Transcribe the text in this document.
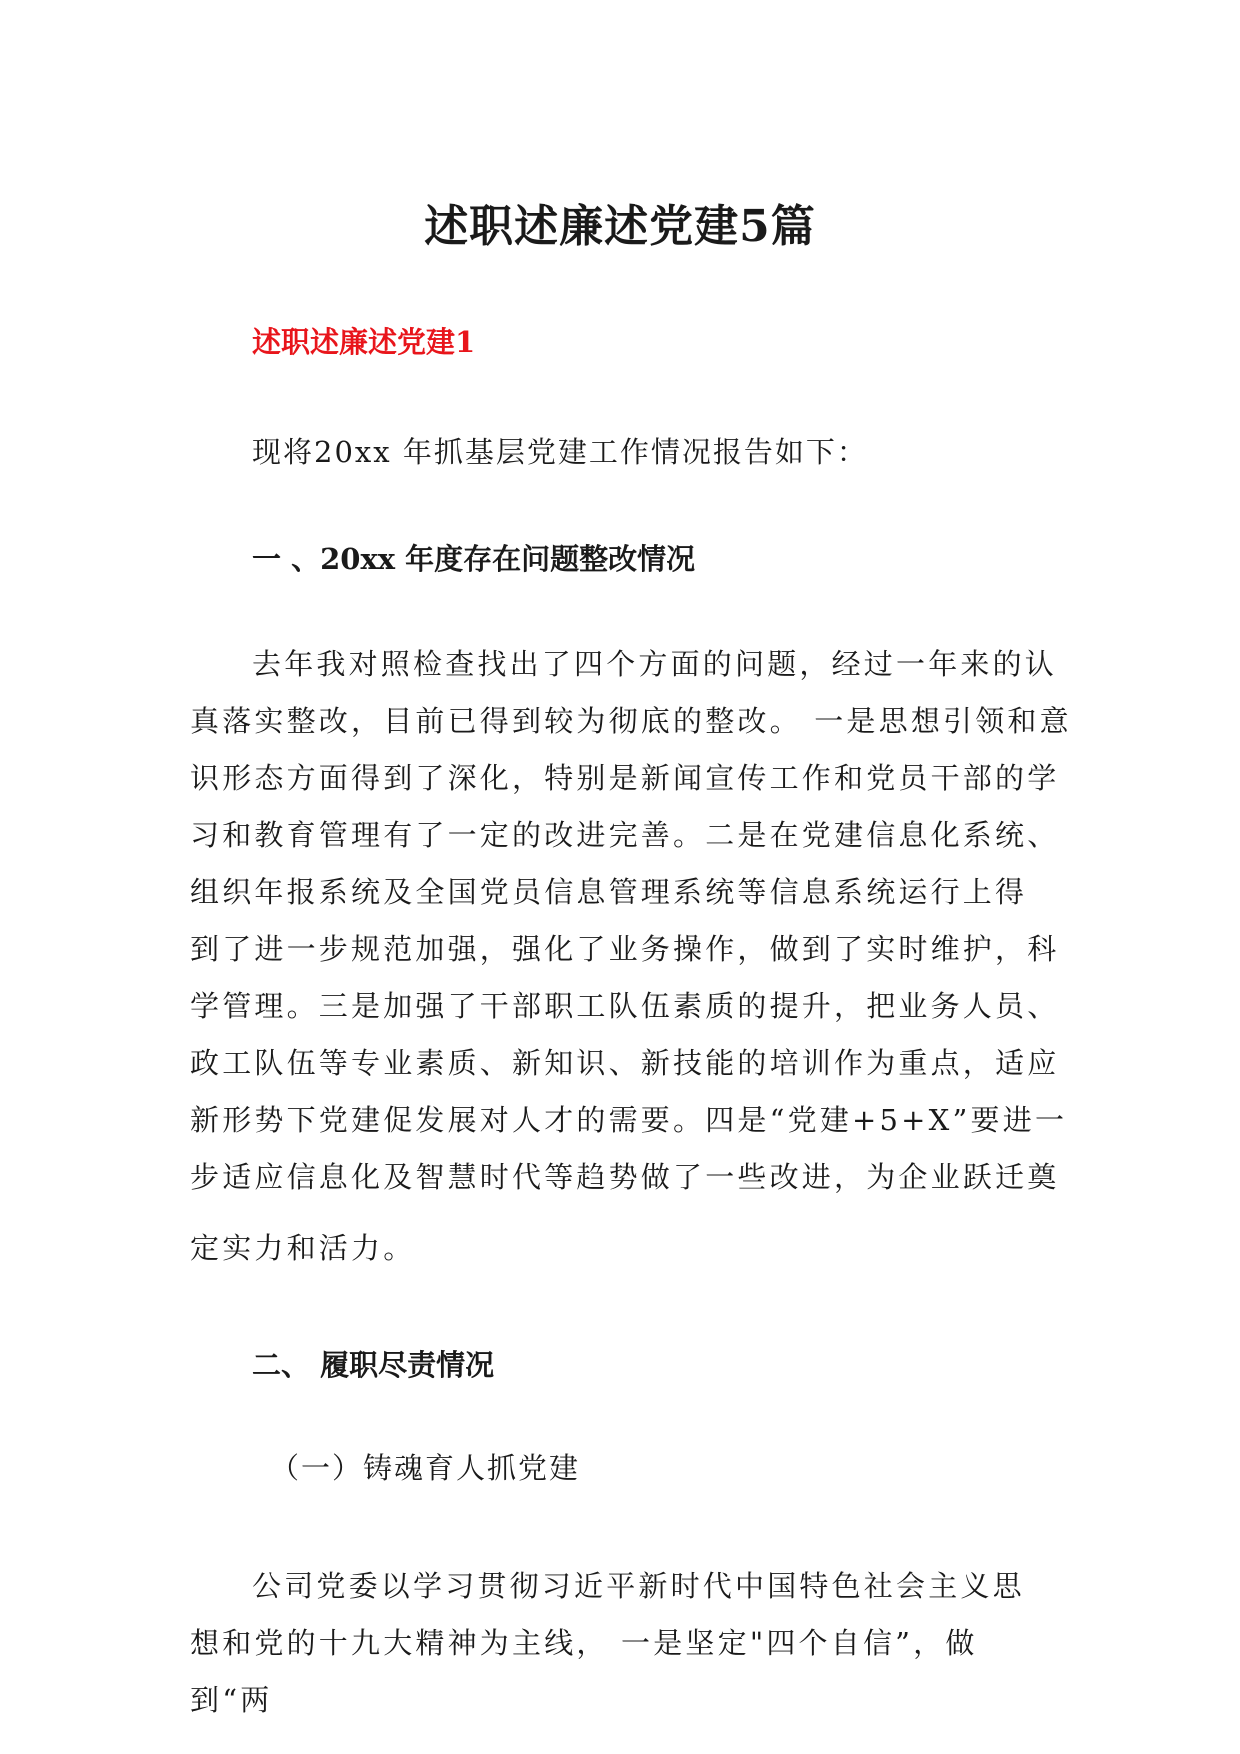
述职述廉述党建5篇
述职述廉述党建1

现将20xx 年抓基层党建工作情况报告如下：

一 、20xx 年度存在问题整改情况
去年我对照检查找出了四个方面的问题，经过一年来的认
真落实整改，目前已得到较为彻底的整改。 一是思想引领和意
识形态方面得到了深化，特别是新闻宣传工作和党员干部的学
习和教育管理有了一定的改进完善。二是在党建信息化系统、
组织年报系统及全国党员信息管理系统等信息系统运行上得
到了进一步规范加强，强化了业务操作，做到了实时维护，科
学管理。三是加强了干部职工队伍素质的提升，把业务人员、
政工队伍等专业素质、新知识、新技能的培训作为重点，适应
新形势下党建促发展对人才的需要。四是“党建+5+X”要进一
步适应信息化及智慧时代等趋势做了一些改进，为企业跃迁奠
定实力和活力。
二、 履职尽责情况

（一）铸魂育人抓党建

公司党委以学习贯彻习近平新时代中国特色社会主义思
想和党的十九大精神为主线， 一是坚定"四个自信”，做
到“两
